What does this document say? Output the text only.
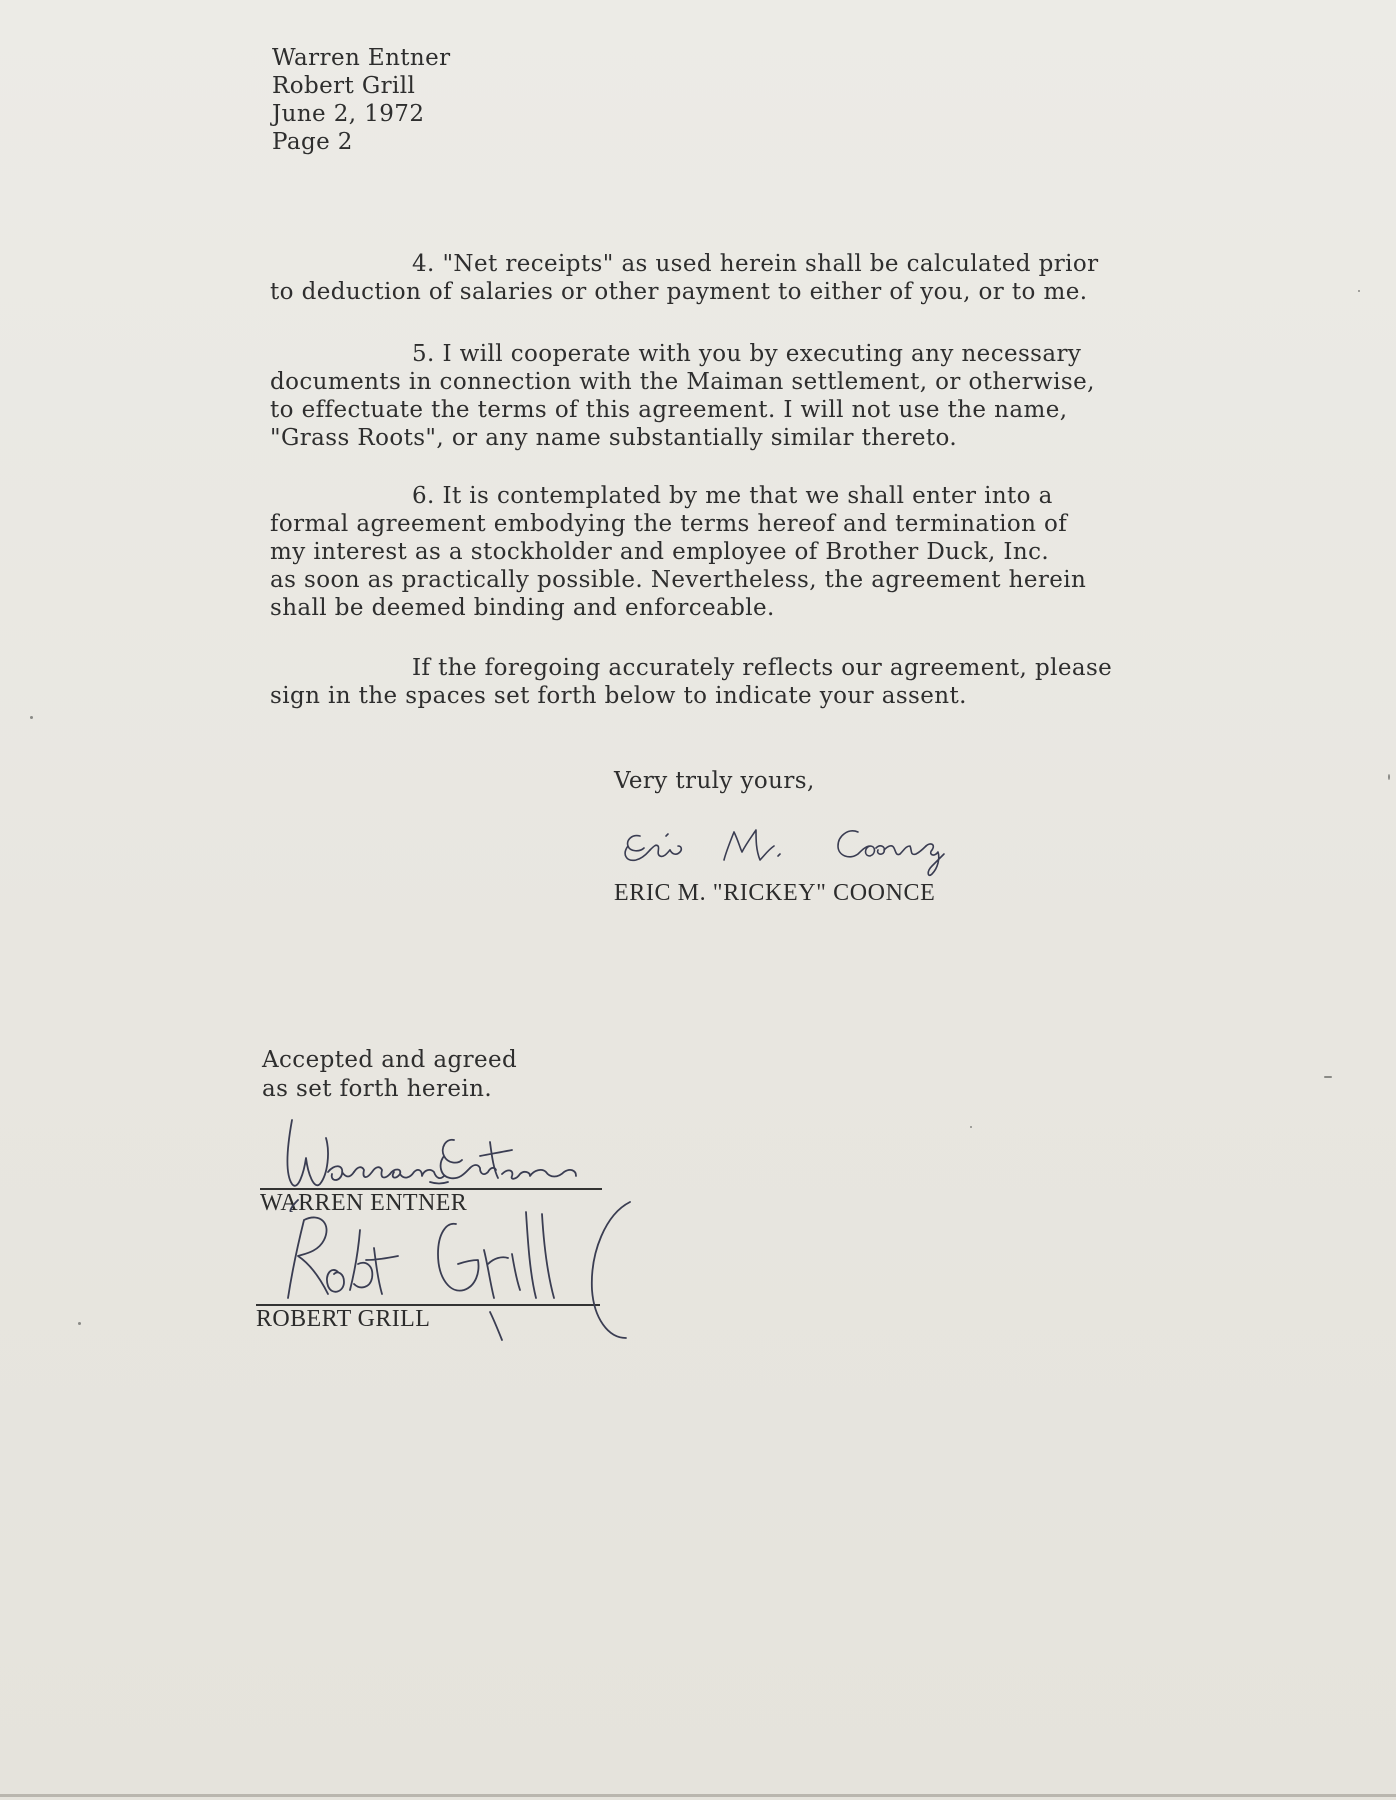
Warren Entner
Robert Grill
June 2, 1972
Page 2
4. "Net receipts" as used herein shall be calculated prior
to deduction of salaries or other payment to either of you, or to me.
5. I will cooperate with you by executing any necessary
documents in connection with the Maiman settlement, or otherwise,
to effectuate the terms of this agreement. I will not use the name,
"Grass Roots", or any name substantially similar thereto.
6. It is contemplated by me that we shall enter into a
formal agreement embodying the terms hereof and termination of
my interest as a stockholder and employee of Brother Duck, Inc.
as soon as practically possible. Nevertheless, the agreement herein
shall be deemed binding and enforceable.
If the foregoing accurately reflects our agreement, please
sign in the spaces set forth below to indicate your assent.
Very truly yours,
ERIC M. "RICKEY" COONCE
Accepted and agreed
as set forth herein.
WARREN ENTNER
ROBERT GRILL
